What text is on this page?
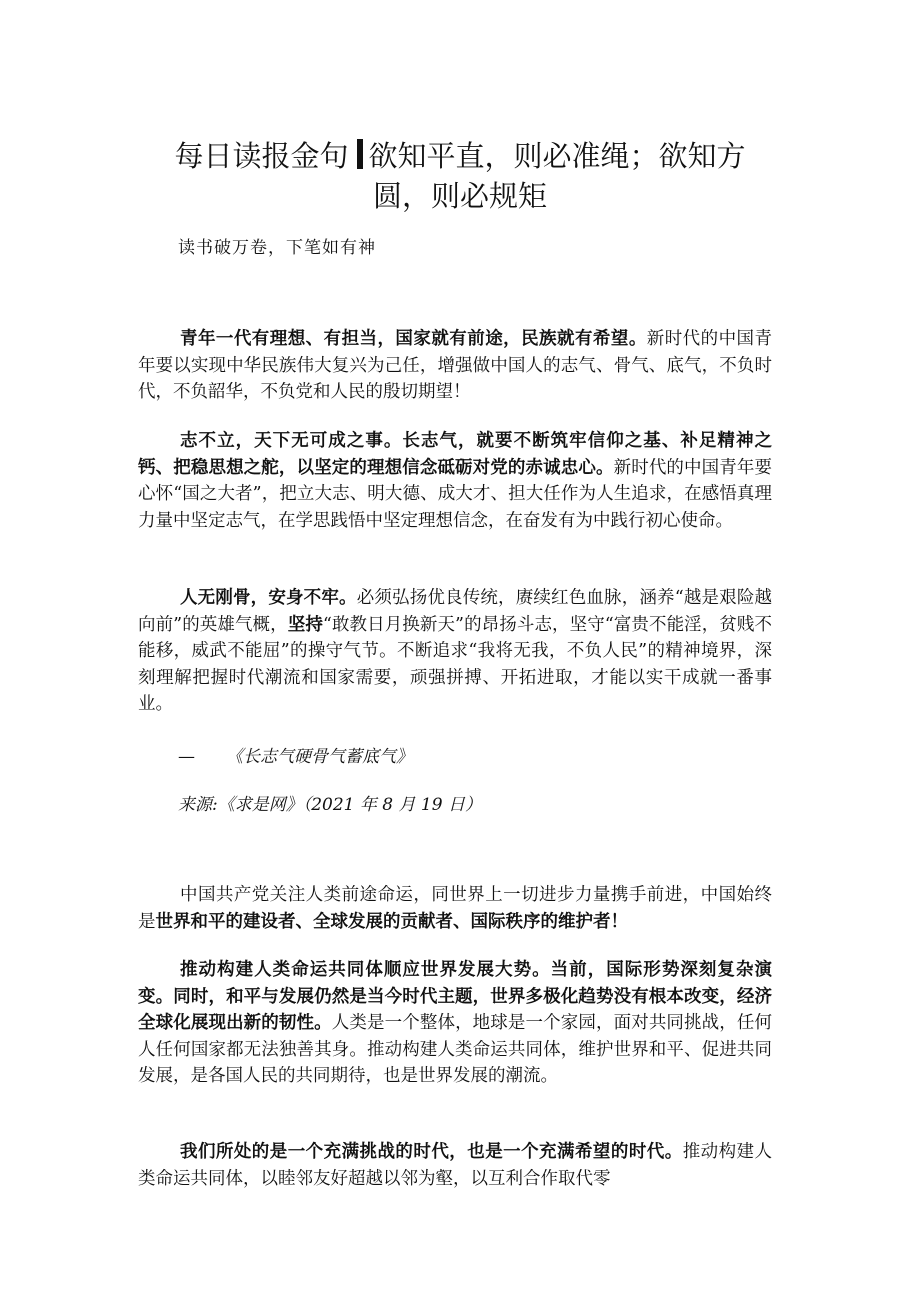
每日读报金句 欲知平直，则必准绳；欲知方圆，则必规矩
读书破万卷，下笔如有神

青年一代有理想、有担当，国家就有前途，民族就有希望。新时代的中国青年要以实现中华民族伟大复兴为己任，增强做中国人的志气、骨气、底气，不负时代，不负韶华，不负党和人民的殷切期望！

志不立，天下无可成之事。长志气，就要不断筑牢信仰之基、补足精神之钙、把稳思想之舵，以坚定的理想信念砥砺对党的赤诚忠心。新时代的中国青年要心怀“国之大者”，把立大志、明大德、成大才、担大任作为人生追求，在感悟真理力量中坚定志气，在学思践悟中坚定理想信念，在奋发有为中践行初心使命。

人无刚骨，安身不牢。必须弘扬优良传统，赓续红色血脉，涵养“越是艰险越向前”的英雄气概，坚持“敢教日月换新天”的昂扬斗志，坚守“富贵不能淫，贫贱不能移，威武不能屈”的操守气节。不断追求“我将无我，不负人民”的精神境界，深刻理解把握时代潮流和国家需要，顽强拼搏、开拓进取，才能以实干成就一番事业。

— 《长志气硬骨气蓄底气》
来源:《求是网》（2021 年 8 月 19 日）

中国共产党关注人类前途命运，同世界上一切进步力量携手前进，中国始终是世界和平的建设者、全球发展的贡献者、国际秩序的维护者！

推动构建人类命运共同体顺应世界发展大势。当前，国际形势深刻复杂演变。同时，和平与发展仍然是当今时代主题，世界多极化趋势没有根本改变，经济全球化展现出新的韧性。人类是一个整体，地球是一个家园，面对共同挑战，任何人任何国家都无法独善其身。推动构建人类命运共同体，维护世界和平、促进共同发展，是各国人民的共同期待，也是世界发展的潮流。

我们所处的是一个充满挑战的时代，也是一个充满希望的时代。推动构建人类命运共同体，以睦邻友好超越以邻为壑，以互利合作取代零
